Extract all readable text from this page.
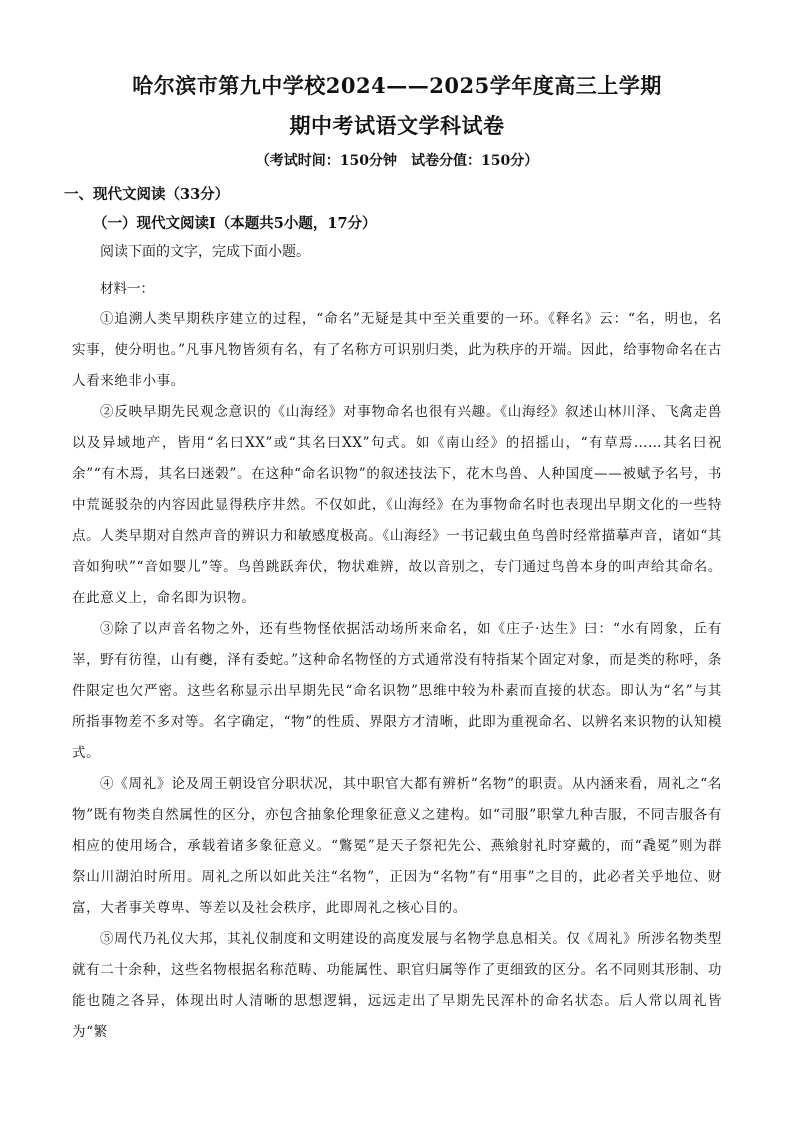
哈尔滨市第九中学校2024——2025学年度高三上学期
期中考试语文学科试卷
（考试时间：150分钟　试卷分值：150分）
一、现代文阅读（33分）
（一）现代文阅读Ⅰ（本题共5小题，17分）
阅读下面的文字，完成下面小题。
材料一：

①追溯人类早期秩序建立的过程，“命名”无疑是其中至关重要的一环。《释名》云：“名，明也，名实事，使分明也。”凡事凡物皆须有名，有了名称方可识别归类，此为秩序的开端。因此，给事物命名在古人看来绝非小事。

②反映早期先民观念意识的《山海经》对事物命名也很有兴趣。《山海经》叙述山林川泽、飞禽走兽以及异域地产，皆用“名曰XX”或“其名曰XX”句式。如《南山经》的招摇山，“有草焉……其名曰祝余”“有木焉，其名曰迷榖”。在这种“命名识物”的叙述技法下，花木鸟兽、人种国度——被赋予名号，书中荒诞驳杂的内容因此显得秩序井然。不仅如此，《山海经》在为事物命名时也表现出早期文化的一些特点。人类早期对自然声音的辨识力和敏感度极高。《山海经》一书记载虫鱼鸟兽时经常描摹声音，诸如“其音如狗吠”“音如婴儿”等。鸟兽跳跃奔伏，物状难辨，故以音别之，专门通过鸟兽本身的叫声给其命名。在此意义上，命名即为识物。

③除了以声音名物之外，还有些物怪依据活动场所来命名，如《庄子·达生》曰：“水有罔象，丘有峷，野有彷徨，山有夔，泽有委蛇。”这种命名物怪的方式通常没有特指某个固定对象，而是类的称呼，条件限定也欠严密。这些名称显示出早期先民“命名识物”思维中较为朴素而直接的状态。即认为“名”与其所指事物差不多对等。名字确定，“物”的性质、界限方才清晰，此即为重视命名、以辨名来识物的认知模式。

④《周礼》论及周王朝设官分职状况，其中职官大都有辨析“名物”的职责。从内涵来看，周礼之“名物”既有物类自然属性的区分，亦包含抽象伦理象征意义之建构。如“司服”职掌九种吉服，不同吉服各有相应的使用场合，承载着诸多象征意义。“鷩冕”是天子祭祀先公、燕飨射礼时穿戴的，而“毳冕”则为群祭山川湖泊时所用。周礼之所以如此关注“名物”，正因为“名物”有“用事”之目的，此必者关乎地位、财富，大者事关尊卑、等差以及社会秩序，此即周礼之核心目的。

⑤周代乃礼仪大邦，其礼仪制度和文明建设的高度发展与名物学息息相关。仅《周礼》所涉名物类型就有二十余种，这些名物根据名称范畴、功能属性、职官归属等作了更细致的区分。名不同则其形制、功能也随之各异，体现出时人清晰的思想逻辑，远远走出了早期先民浑朴的命名状态。后人常以周礼皆为“繁
